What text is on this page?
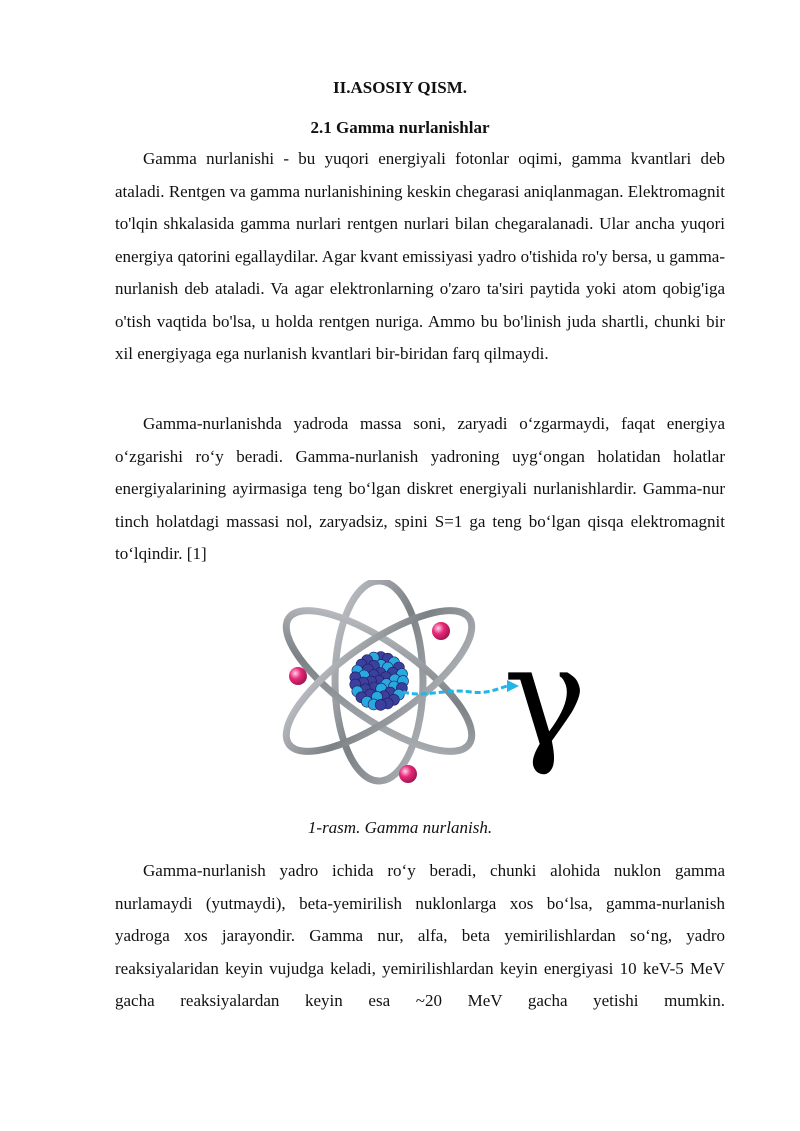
II.ASOSIY QISM.
2.1 Gamma nurlanishlar

Gamma nurlanishi - bu yuqori energiyali fotonlar oqimi, gamma kvantlari deb ataladi. Rentgen va gamma nurlanishining keskin chegarasi aniqlanmagan. Elektromagnit to'lqin shkalasida gamma nurlari rentgen nurlari bilan chegaralanadi. Ular ancha yuqori energiya qatorini egallaydilar. Agar kvant emissiyasi yadro o'tishida ro'y bersa, u gamma-nurlanish deb ataladi. Va agar elektronlarning o'zaro ta'siri paytida yoki atom qobig'iga o'tish vaqtida bo'lsa, u holda rentgen nuriga. Ammo bu bo'linish juda shartli, chunki bir xil energiyaga ega nurlanish kvantlari bir-biridan farq qilmaydi.

Gamma-nurlanishda yadroda massa soni, zaryadi o‘zgarmaydi, faqat energiya o‘zgarishi ro‘y beradi. Gamma-nurlanish yadroning uyg‘ongan holatidan holatlar energiyalarining ayirmasiga teng bo‘lgan diskret energiyali nurlanishlardir. Gamma-nur tinch holatdagi massasi nol, zaryadsiz, spini S=1 ga teng bo‘lgan qisqa elektromagnit to‘lqindir. [1]

γ
1-rasm. Gamma nurlanish.

Gamma-nurlanish yadro ichida ro‘y beradi, chunki alohida nuklon gamma nurlamaydi (yutmaydi), beta-yemirilish nuklonlarga xos bo‘lsa, gamma-nurlanish yadroga xos jarayondir. Gamma nur, alfa, beta yemirilishlardan so‘ng, yadro reaksiyalaridan keyin vujudga keladi, yemirilishlardan keyin energiyasi 10 keV-5 MeV gacha reaksiyalardan keyin esa ~20 MeV gacha yetishi mumkin.
